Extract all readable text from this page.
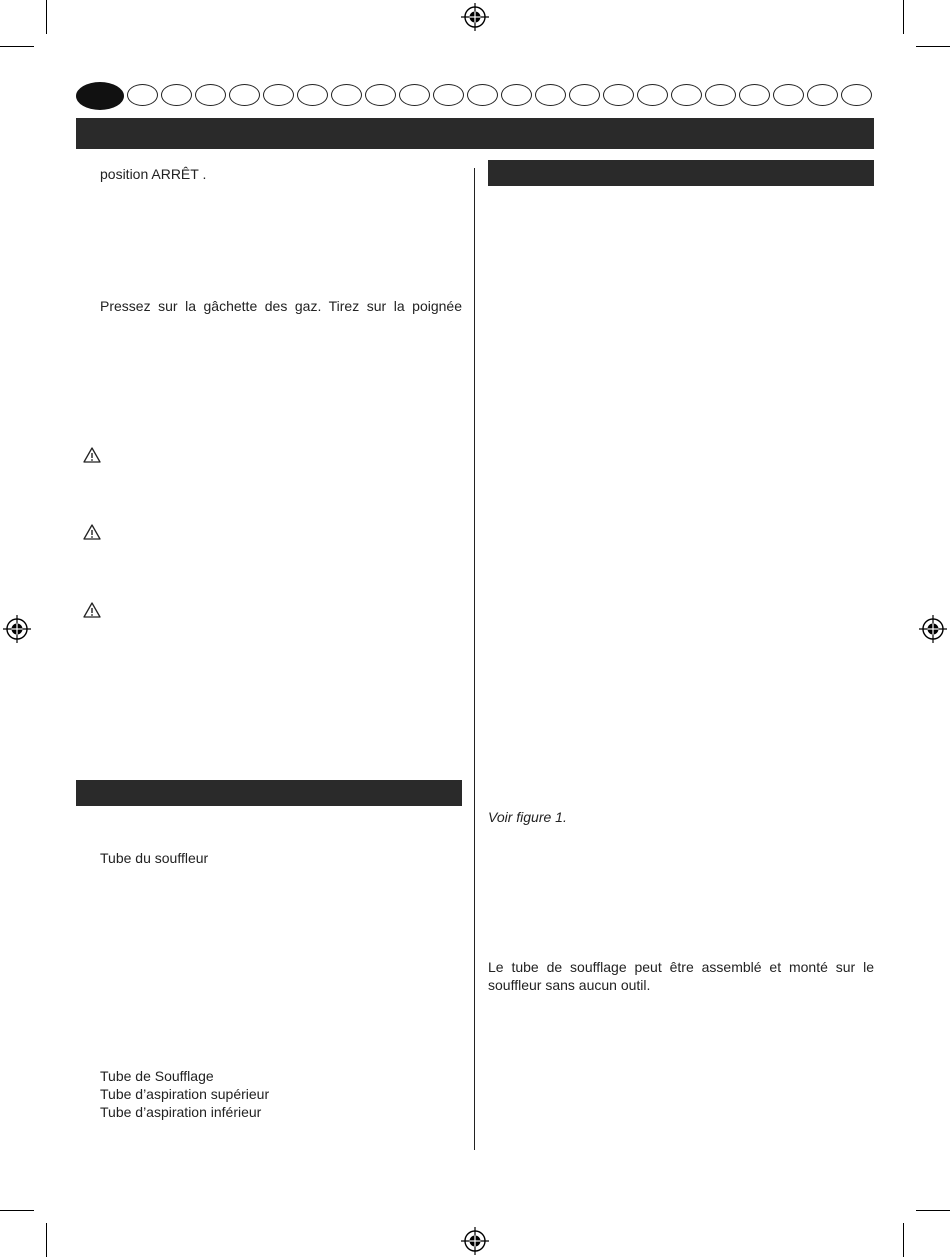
position ARRÊT .
Pressez sur la gâchette des gaz. Tirez sur la poignée
Tube du souffleur
Tube de Soufflage
Tube d’aspiration supérieur
Tube d’aspiration inférieur
Voir figure 1.
Le tube de soufflage peut être assemblé et monté sur le souffleur sans aucun outil.
